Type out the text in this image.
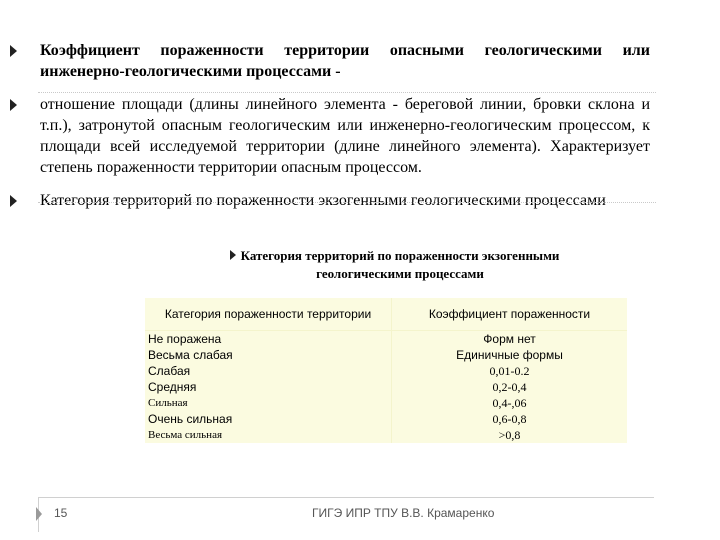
Коэффициент пораженности территории опасными геологическими или инженерно-геологическими процессами -
отношение площади (длины линейного элемента - береговой линии, бровки склона и т.п.), затронутой опасным геологическим или инженерно-геологическим процессом, к площади всей исследуемой территории (длине линейного элемента). Характеризует степень пораженности территории опасным процессом.
Категория территорий по пораженности экзогенными геологическими процессами
Категория территорий по пораженности экзогенными геологическими процессами
Категория пораженности территории	Коэффициент пораженности
Не поражена	Форм нет
Весьма слабая	Единичные формы
Слабая	0,01-0.2
Средняя	0,2-0,4
Сильная	0,4-,06
Очень сильная	0,6-0,8
Весьма сильная	>0,8
15	ГИГЭ ИПР ТПУ В.В. Крамаренко
